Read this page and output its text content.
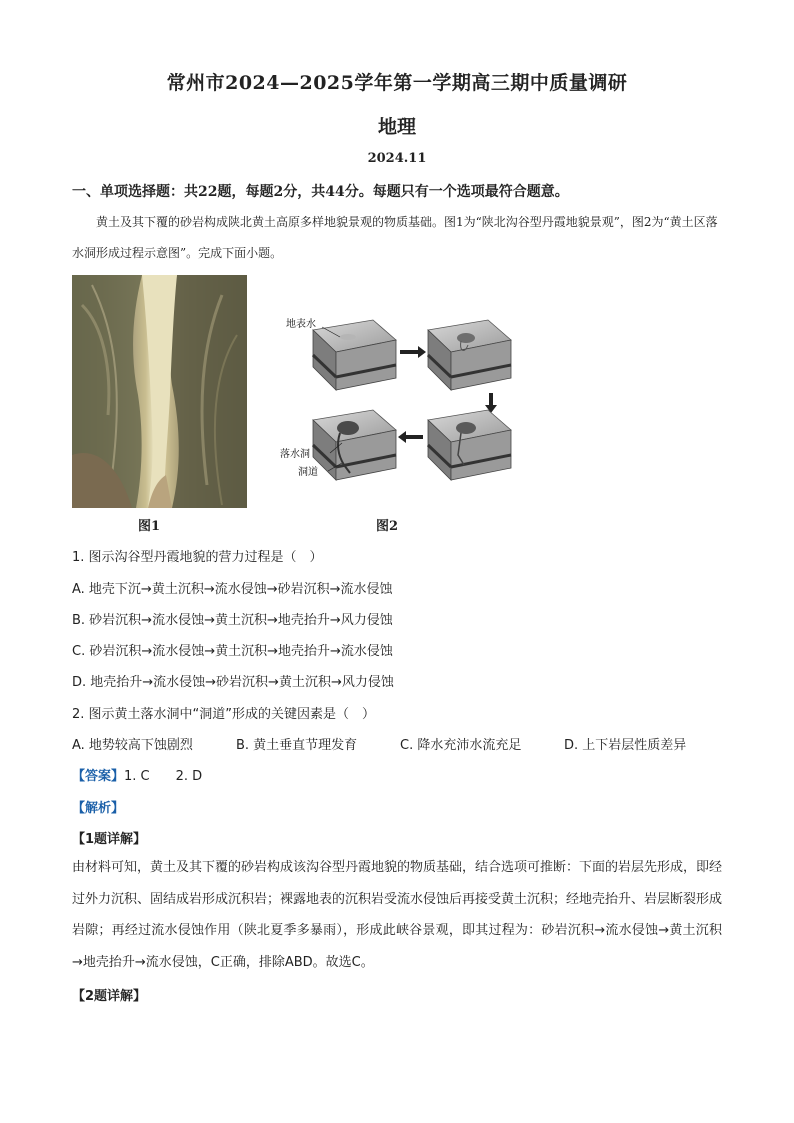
常州市2024—2025学年第一学期高三期中质量调研
地理
2024.11
一、单项选择题：共22题，每题2分，共44分。每题只有一个选项最符合题意。
黄土及其下覆的砂岩构成陕北黄土高原多样地貌景观的物质基础。图1为“陕北沟谷型丹霞地貌景观”，图2为“黄土区落水洞形成过程示意图”。完成下面小题。
地表水
落水洞
洞道
图1	图2
1. 图示沟谷型丹霞地貌的营力过程是（　）
A. 地壳下沉→黄土沉积→流水侵蚀→砂岩沉积→流水侵蚀
B. 砂岩沉积→流水侵蚀→黄土沉积→地壳抬升→风力侵蚀
C. 砂岩沉积→流水侵蚀→黄土沉积→地壳抬升→流水侵蚀
D. 地壳抬升→流水侵蚀→砂岩沉积→黄土沉积→风力侵蚀
2. 图示黄土落水洞中“洞道”形成的关键因素是（　）
A. 地势较高下蚀剧烈	B. 黄土垂直节理发育	C. 降水充沛水流充足	D. 上下岩层性质差异
【答案】1. C　　2. D
【解析】
【1题详解】
由材料可知，黄土及其下覆的砂岩构成该沟谷型丹霞地貌的物质基础，结合选项可推断：下面的岩层先形成，即经过外力沉积、固结成岩形成沉积岩；裸露地表的沉积岩受流水侵蚀后再接受黄土沉积；经地壳抬升、岩层断裂形成岩隙；再经过流水侵蚀作用（陕北夏季多暴雨），形成此峡谷景观，即其过程为：砂岩沉积→流水侵蚀→黄土沉积→地壳抬升→流水侵蚀，C正确，排除ABD。故选C。
【2题详解】
